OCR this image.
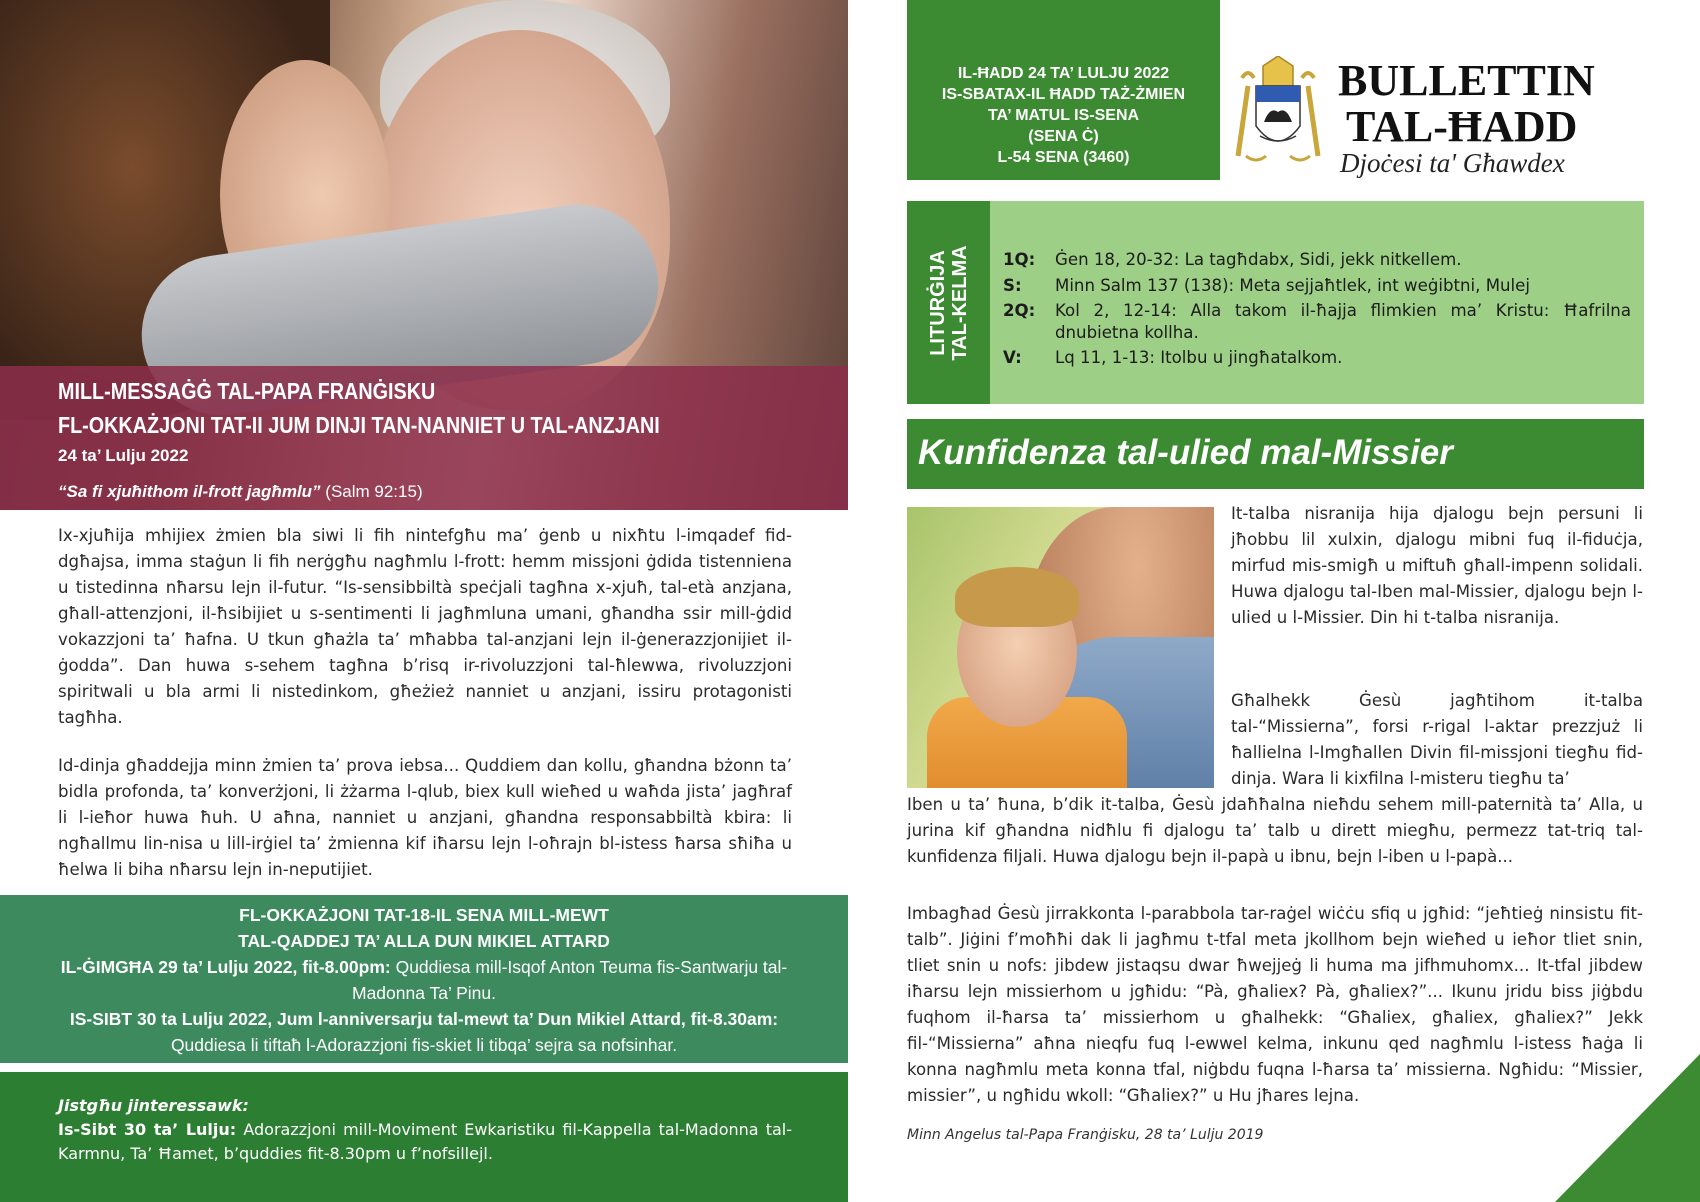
MILL-MESSAĠĠ TAL-PAPA FRANĠISKU
FL-OKKAŻJONI TAT-II JUM DINJI TAN-NANNIET U TAL-ANZJANI
24 ta’ Lulju 2022
“Sa fi xjuħithom il-frott jagħmlu” (Salm 92:15)

Ix-xjuħija mhijiex żmien bla siwi li fih nintefgħu ma’ ġenb u nixħtu l-imqadef fid-dgħajsa, imma staġun li fih nerġgħu nagħmlu l-frott: hemm missjoni ġdida tistenniena u tistedinna nħarsu lejn il-futur. “Is-sensibbiltà speċjali tagħna x-xjuħ, tal-età anzjana, għall-attenzjoni, il-ħsibijiet u s-sentimenti li jagħmluna umani, għandha ssir mill-ġdid vokazzjoni ta’ ħafna. U tkun għażla ta’ mħabba tal-anzjani lejn il-ġenerazzjonijiet il-ġodda”. Dan huwa s-sehem tagħna b’risq ir-rivoluzzjoni tal-ħlewwa, rivoluzzjoni spiritwali u bla armi li nistedinkom, għeżież nanniet u anzjani, issiru protagonisti tagħha.

Id-dinja għaddejja minn żmien ta’ prova iebsa... Quddiem dan kollu, għandna bżonn ta’ bidla profonda, ta’ konverżjoni, li żżarma l-qlub, biex kull wieħed u waħda jista’ jagħraf li l-ieħor huwa ħuh. U aħna, nanniet u anzjani, għandna responsabbiltà kbira: li ngħallmu lin-nisa u lill-irġiel ta’ żmienna kif iħarsu lejn l-oħrajn bl-istess ħarsa sħiħa u ħelwa li biha nħarsu lejn in-neputijiet.

FL-OKKAŻJONI TAT-18-IL SENA MILL-MEWT
TAL-QADDEJ TA’ ALLA DUN MIKIEL ATTARD
IL-ĠIMGĦA 29 ta’ Lulju 2022, fit-8.00pm: Quddiesa mill-Isqof Anton Teuma fis-Santwarju tal-Madonna Ta’ Pinu.
IS-SIBT 30 ta Lulju 2022, Jum l-anniversarju tal-mewt ta’ Dun Mikiel Attard, fit-8.30am: Quddiesa li tiftaħ l-Adorazzjoni fis-skiet li tibqa’ sejra sa nofsinhar.
Jistgħu jinteressawk:
Is-Sibt 30 ta’ Lulju: Adorazzjoni mill-Moviment Ewkaristiku fil-Kappella tal-Madonna tal-Karmnu, Ta’ Ħamet, b’quddies fit-8.30pm u f’nofsillejl.
IL-ĦADD 24 TA’ LULJU 2022
IS-SBATAX-IL ĦADD TAŻ-ŻMIEN
TA’ MATUL IS-SENA
(SENA Ċ)
L-54 SENA (3460)
BULLETTIN
TAL-ĦADD
Djoċesi ta' Għawdex
LITURĠIJA TAL-KELMA 1Q:	Ġen 18, 20-32: La tagħdabx, Sidi, jekk nitkellem.
S:	Minn Salm 137 (138): Meta sejjaħtlek, int weġibtni, Mulej
2Q:	Kol 2, 12-14: Alla takom il-ħajja flimkien ma’ Kristu: Ħafrilna dnubietna kollha.
V:	Lq 11, 1-13: Itolbu u jingħatalkom.
Kunfidenza tal-ulied mal-Missier

It-talba nisranija hija djalogu bejn persuni li jħobbu lil xulxin, djalogu mibni fuq il-fiduċja, mirfud mis-smigħ u miftuħ għall-impenn solidali. Huwa djalogu tal-Iben mal-Missier, djalogu bejn l-ulied u l-Missier. Din hi t-talba nisranija.

Għalhekk Ġesù jagħtihom it-talba tal-“Missierna”, forsi r-rigal l-aktar prezzjuż li ħallielna l-Imgħallen Divin fil-missjoni tiegħu fid-dinja. Wara li kixfilna l-misteru tiegħu ta’

Iben u ta’ ħuna, b’dik it-talba, Ġesù jdaħħalna nieħdu sehem mill-paternità ta’ Alla, u jurina kif għandna nidħlu fi djalogu ta’ talb u dirett miegħu, permezz tat-triq tal-kunfidenza filjali. Huwa djalogu bejn il-papà u ibnu, bejn l-iben u l-papà...

Imbagħad Ġesù jirrakkonta l-parabbola tar-raġel wiċċu sfiq u jgħid: “jeħtieġ ninsistu fit-talb”. Jiġini f’moħħi dak li jagħmu t-tfal meta jkollhom bejn wieħed u ieħor tliet snin, tliet snin u nofs: jibdew jistaqsu dwar ħwejjeġ li huma ma jifhmuhomx... It-tfal jibdew iħarsu lejn missierhom u jgħidu: “Pà, għaliex? Pà, għaliex?”... Ikunu jridu biss jiġbdu fuqhom il-ħarsa ta’ missierhom u għalhekk: “Għaliex, għaliex, għaliex?” Jekk fil-“Missierna” aħna nieqfu fuq l-ewwel kelma, inkunu qed nagħmlu l-istess ħaġa li konna nagħmlu meta konna tfal, niġbdu fuqna l-ħarsa ta’ missierna. Ngħidu: “Missier, missier”, u ngħidu wkoll: “Għaliex?” u Hu jħares lejna.

Minn Angelus tal-Papa Franġisku, 28 ta’ Lulju 2019
